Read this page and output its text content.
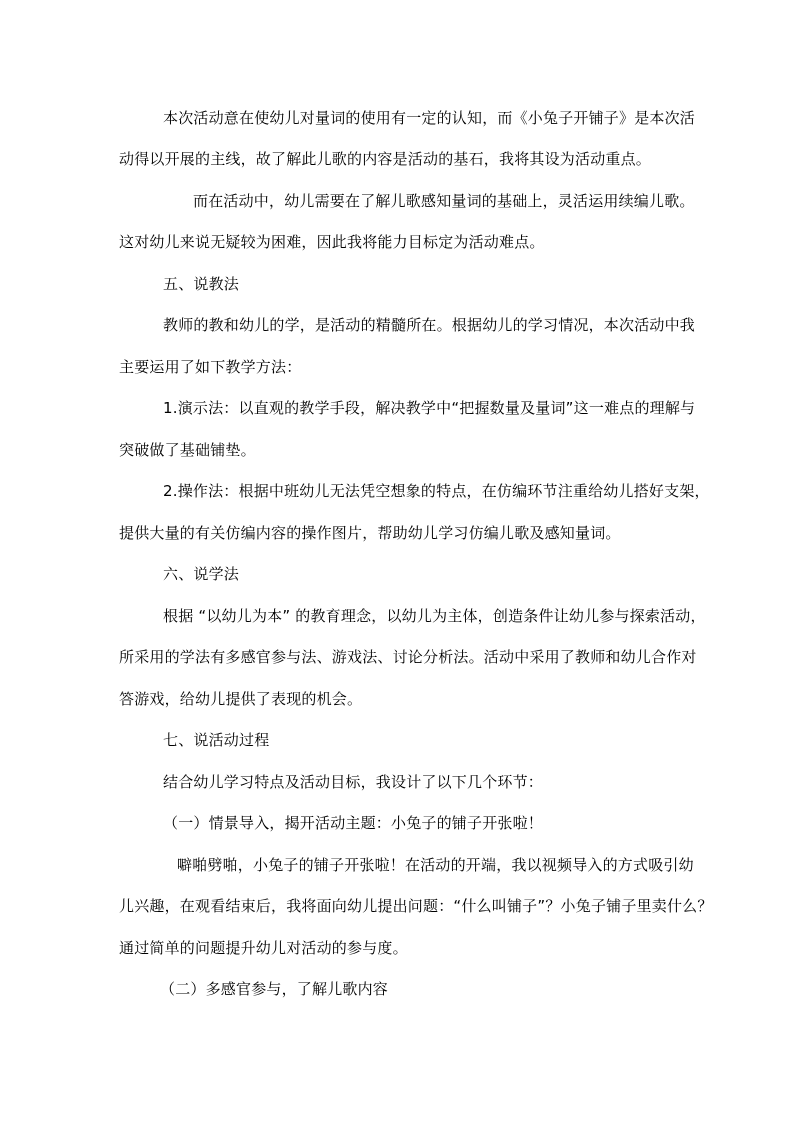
本次活动意在使幼儿对量词的使用有一定的认知，而《小兔子开铺子》是本次活
动得以开展的主线，故了解此儿歌的内容是活动的基石，我将其设为活动重点。
而在活动中，幼儿需要在了解儿歌感知量词的基础上，灵活运用续编儿歌。
这对幼儿来说无疑较为困难，因此我将能力目标定为活动难点。
五、说教法
教师的教和幼儿的学，是活动的精髓所在。根据幼儿的学习情况，本次活动中我
主要运用了如下教学方法：
1.演示法：以直观的教学手段，解决教学中“把握数量及量词”这一难点的理解与
突破做了基础铺垫。
2.操作法：根据中班幼儿无法凭空想象的特点，在仿编环节注重给幼儿搭好支架，
提供大量的有关仿编内容的操作图片，帮助幼儿学习仿编儿歌及感知量词。
六、说学法
根据 “以幼儿为本” 的教育理念，以幼儿为主体，创造条件让幼儿参与探索活动，
所采用的学法有多感官参与法、游戏法、讨论分析法。活动中采用了教师和幼儿合作对
答游戏，给幼儿提供了表现的机会。
七、说活动过程
结合幼儿学习特点及活动目标，我设计了以下几个环节：
（一）情景导入，揭开活动主题：小兔子的铺子开张啦！
噼啪劈啪，小兔子的铺子开张啦！在活动的开端，我以视频导入的方式吸引幼
儿兴趣，在观看结束后，我将面向幼儿提出问题：“什么叫铺子”？小兔子铺子里卖什么？
通过简单的问题提升幼儿对活动的参与度。
（二）多感官参与，了解儿歌内容
